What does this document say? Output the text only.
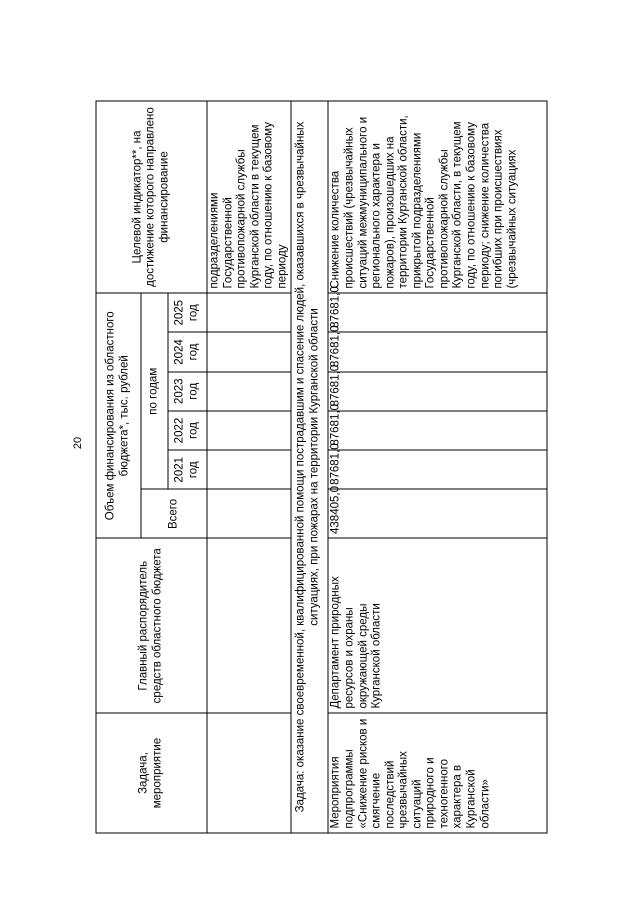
20
Задача, мероприятие	Главный распорядитель средств областного бюджета	Объем финансирования из областного бюджета*, тыс. рублей						Целевой индикатор**, на достижение которого направлено финансирование
		Всего	по годам					
			2021 год	2022 год	2023 год	2024 год	2025 год	
								подразделениями Государственной противопожарной службы Курганской области в текущем году, по отношению к базовому периоду
Задача: оказание своевременной, квалифицированной помощи пострадавшим и спасение людей, оказавшихся в чрезвычайных ситуациях, при пожарах на территории Курганской области								
Мероприятия подпрограммы «Снижение рисков и смягчение последствий чрезвычайных ситуаций природного и техногенного характера в Курганской области»	Департамент природных ресурсов и охраны окружающей среды Курганской области	438405,0	87681,0	87681,0	87681,0	87681,0	87681,0	Снижение количества происшествий (чрезвычайных ситуаций межмуниципального и регионального характера и пожаров), произошедших на территории Курганской области, прикрытой подразделениями Государственной противопожарной службы Курганской области, в текущем году, по отношению к базовому периоду; снижение количества погибших при происшествиях (чрезвычайных ситуациях
